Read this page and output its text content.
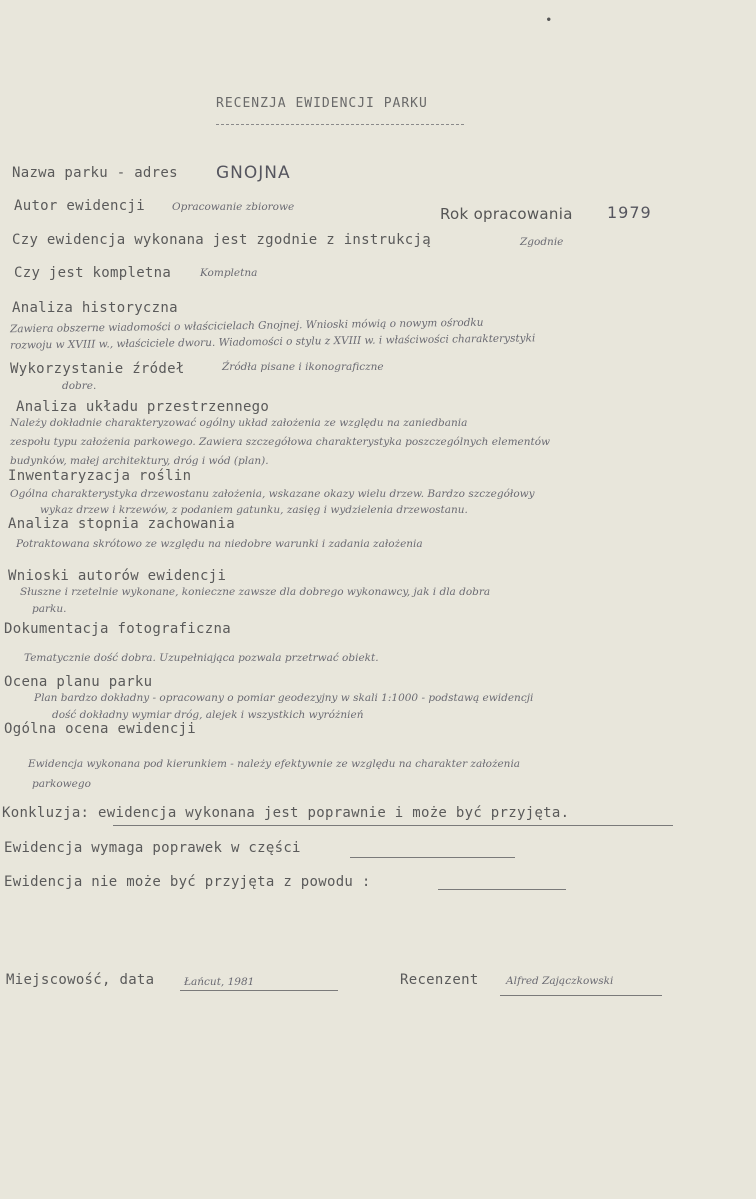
∙
RECENZJA EWIDENCJI PARKU
Nazwa parku - adres GNOJNA
Autor ewidencji	Opracowanie zbiorowe	Rok opracowania 1979
Czy ewidencja wykonana jest zgodnie z instrukcją	Zgodnie
Czy jest kompletna	Kompletna
Analiza historyczna
Zawiera obszerne wiadomości o właścicielach Gnojnej. Wnioski mówią o nowym ośrodku
rozwoju w XVIII w., właściciele dworu. Wiadomości o stylu z XVIII w. i właściwości charakterystyki
Wykorzystanie źródeł	Źródła pisane i ikonograficzne
dobre.
Analiza układu przestrzennego
Należy dokładnie charakteryzować ogólny układ założenia ze względu na zaniedbania
zespołu typu założenia parkowego. Zawiera szczegółowa charakterystyka poszczególnych elementów
budynków, małej architektury, dróg i wód (plan).
Inwentaryzacja roślin
Ogólna charakterystyka drzewostanu założenia, wskazane okazy wielu drzew. Bardzo szczegółowy
wykaz drzew i krzewów, z podaniem gatunku, zasięg i wydzielenia drzewostanu.
Analiza stopnia zachowania
Potraktowana skrótowo ze względu na niedobre warunki i zadania założenia
Wnioski autorów ewidencji
Słuszne i rzetelnie wykonane, konieczne zawsze dla dobrego wykonawcy, jak i dla dobra
parku.
Dokumentacja fotograficzna
Tematycznie dość dobra. Uzupełniająca pozwala przetrwać obiekt.
Ocena planu parku
Plan bardzo dokładny - opracowany o pomiar geodezyjny w skali 1:1000 - podstawą ewidencji
dość dokładny wymiar dróg, alejek i wszystkich wyróżnień
Ogólna ocena ewidencji
Ewidencja wykonana pod kierunkiem - należy efektywnie ze względu na charakter założenia
parkowego
Konkluzja: ewidencja wykonana jest poprawnie i może być przyjęta.
Ewidencja wymaga poprawek w części
Ewidencja nie może być przyjęta z powodu :
Miejscowość, data	Łańcut, 1981	Recenzent	Alfred Zajączkowski
